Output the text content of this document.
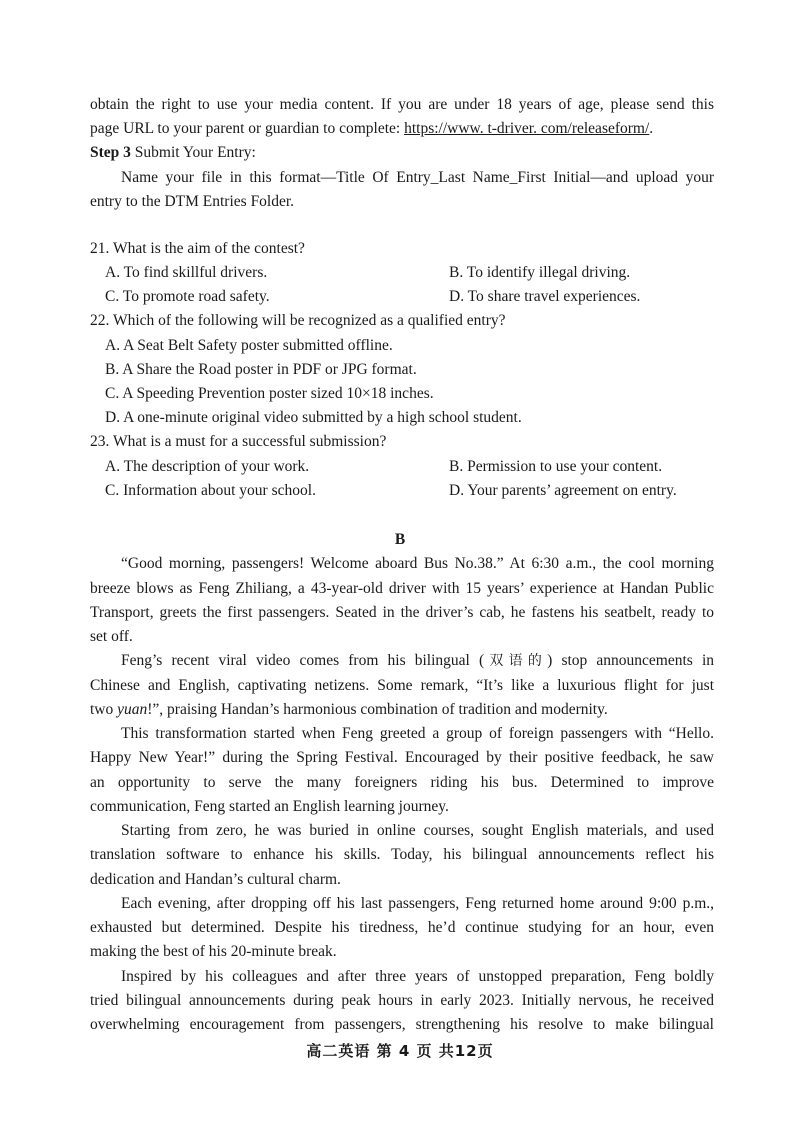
obtain the right to use your media content. If you are under 18 years of age, please send this
page URL to your parent or guardian to complete: https://www. t-driver. com/releaseform/.
Step 3 Submit Your Entry:
Name your file in this format—Title Of Entry_Last Name_First Initial—and upload your
entry to the DTM Entries Folder.
21. What is the aim of the contest?
A. To find skillful drivers.	B. To identify illegal driving.
C. To promote road safety.	D. To share travel experiences.
22. Which of the following will be recognized as a qualified entry?
A. A Seat Belt Safety poster submitted offline.
B. A Share the Road poster in PDF or JPG format.
C. A Speeding Prevention poster sized 10×18 inches.
D. A one-minute original video submitted by a high school student.
23. What is a must for a successful submission?
A. The description of your work.	B. Permission to use your content.
C. Information about your school.	D. Your parents’ agreement on entry.
B
“Good morning, passengers! Welcome aboard Bus No.38.” At 6:30 a.m., the cool morning
breeze blows as Feng Zhiliang, a 43-year-old driver with 15 years’ experience at Handan Public
Transport, greets the first passengers. Seated in the driver’s cab, he fastens his seatbelt, ready to
set off.
Feng’s recent viral video comes from his bilingual (双语的) stop announcements in
Chinese and English, captivating netizens. Some remark, “It’s like a luxurious flight for just
two yuan!”, praising Handan’s harmonious combination of tradition and modernity.
This transformation started when Feng greeted a group of foreign passengers with “Hello.
Happy New Year!” during the Spring Festival. Encouraged by their positive feedback, he saw
an opportunity to serve the many foreigners riding his bus. Determined to improve
communication, Feng started an English learning journey.
Starting from zero, he was buried in online courses, sought English materials, and used
translation software to enhance his skills. Today, his bilingual announcements reflect his
dedication and Handan’s cultural charm.
Each evening, after dropping off his last passengers, Feng returned home around 9:00 p.m.,
exhausted but determined. Despite his tiredness, he’d continue studying for an hour, even
making the best of his 20-minute break.
Inspired by his colleagues and after three years of unstopped preparation, Feng boldly
tried bilingual announcements during peak hours in early 2023. Initially nervous, he received
overwhelming encouragement from passengers, strengthening his resolve to make bilingual
高二英语 第 4 页 共12页
